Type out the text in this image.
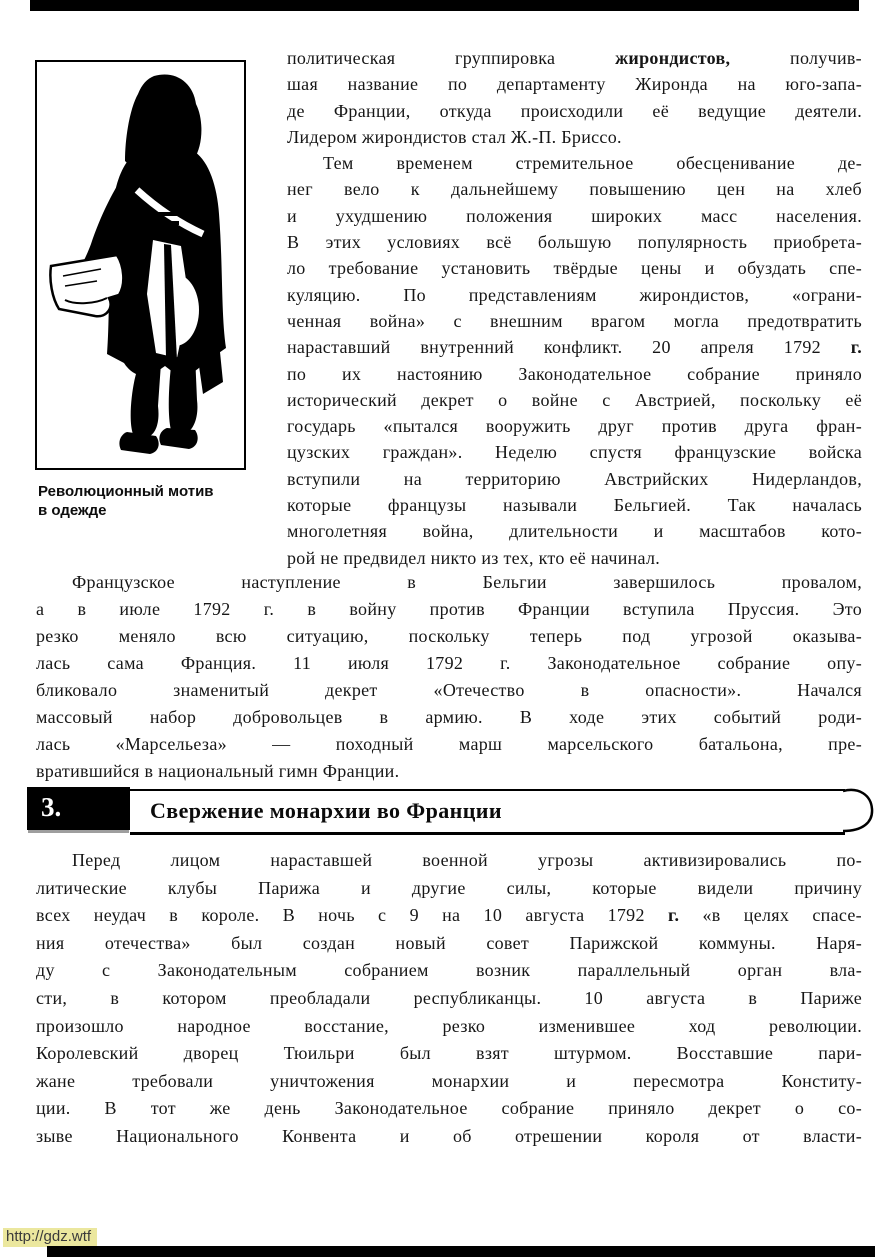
Революционный мотив
в одежде
политическая группировка жирондистов, получив-
шая название по департаменту Жиронда на юго-запа-
де Франции, откуда происходили её ведущие деятели.
Лидером жирондистов стал Ж.-П. Бриссо.
Тем временем стремительное обесценивание де-
нег вело к дальнейшему повышению цен на хлеб
и ухудшению положения широких масс населения.
В этих условиях всё большую популярность приобрета-
ло требование установить твёрдые цены и обуздать спе-
куляцию. По представлениям жирондистов, «ограни-
ченная война» с внешним врагом могла предотвратить
нараставший внутренний конфликт. 20 апреля 1792 г.
по их настоянию Законодательное собрание приняло
исторический декрет о войне с Австрией, поскольку её
государь «пытался вооружить друг против друга фран-
цузских граждан». Неделю спустя французские войска
вступили на территорию Австрийских Нидерландов,
которые французы называли Бельгией. Так началась
многолетняя война, длительности и масштабов кото-
рой не предвидел никто из тех, кто её начинал.
Французское наступление в Бельгии завершилось провалом,
а в июле 1792 г. в войну против Франции вступила Пруссия. Это
резко меняло всю ситуацию, поскольку теперь под угрозой оказыва-
лась сама Франция. 11 июля 1792 г. Законодательное собрание опу-
бликовало знаменитый декрет «Отечество в опасности». Начался
массовый набор добровольцев в армию. В ходе этих событий роди-
лась «Марсельеза» — походный марш марсельского батальона, пре-
вратившийся в национальный гимн Франции.
Свержение монархии во Франции
3.
Перед лицом нараставшей военной угрозы активизировались по-
литические клубы Парижа и другие силы, которые видели причину
всех неудач в короле. В ночь с 9 на 10 августа 1792 г. «в целях спасе-
ния отечества» был создан новый совет Парижской коммуны. Наря-
ду с Законодательным собранием возник параллельный орган вла-
сти, в котором преобладали республиканцы. 10 августа в Париже
произошло народное восстание, резко изменившее ход революции.
Королевский дворец Тюильри был взят штурмом. Восставшие пари-
жане требовали уничтожения монархии и пересмотра Конститу-
ции. В тот же день Законодательное собрание приняло декрет о со-
зыве Национального Конвента и об отрешении короля от власти-
http://gdz.wtf
